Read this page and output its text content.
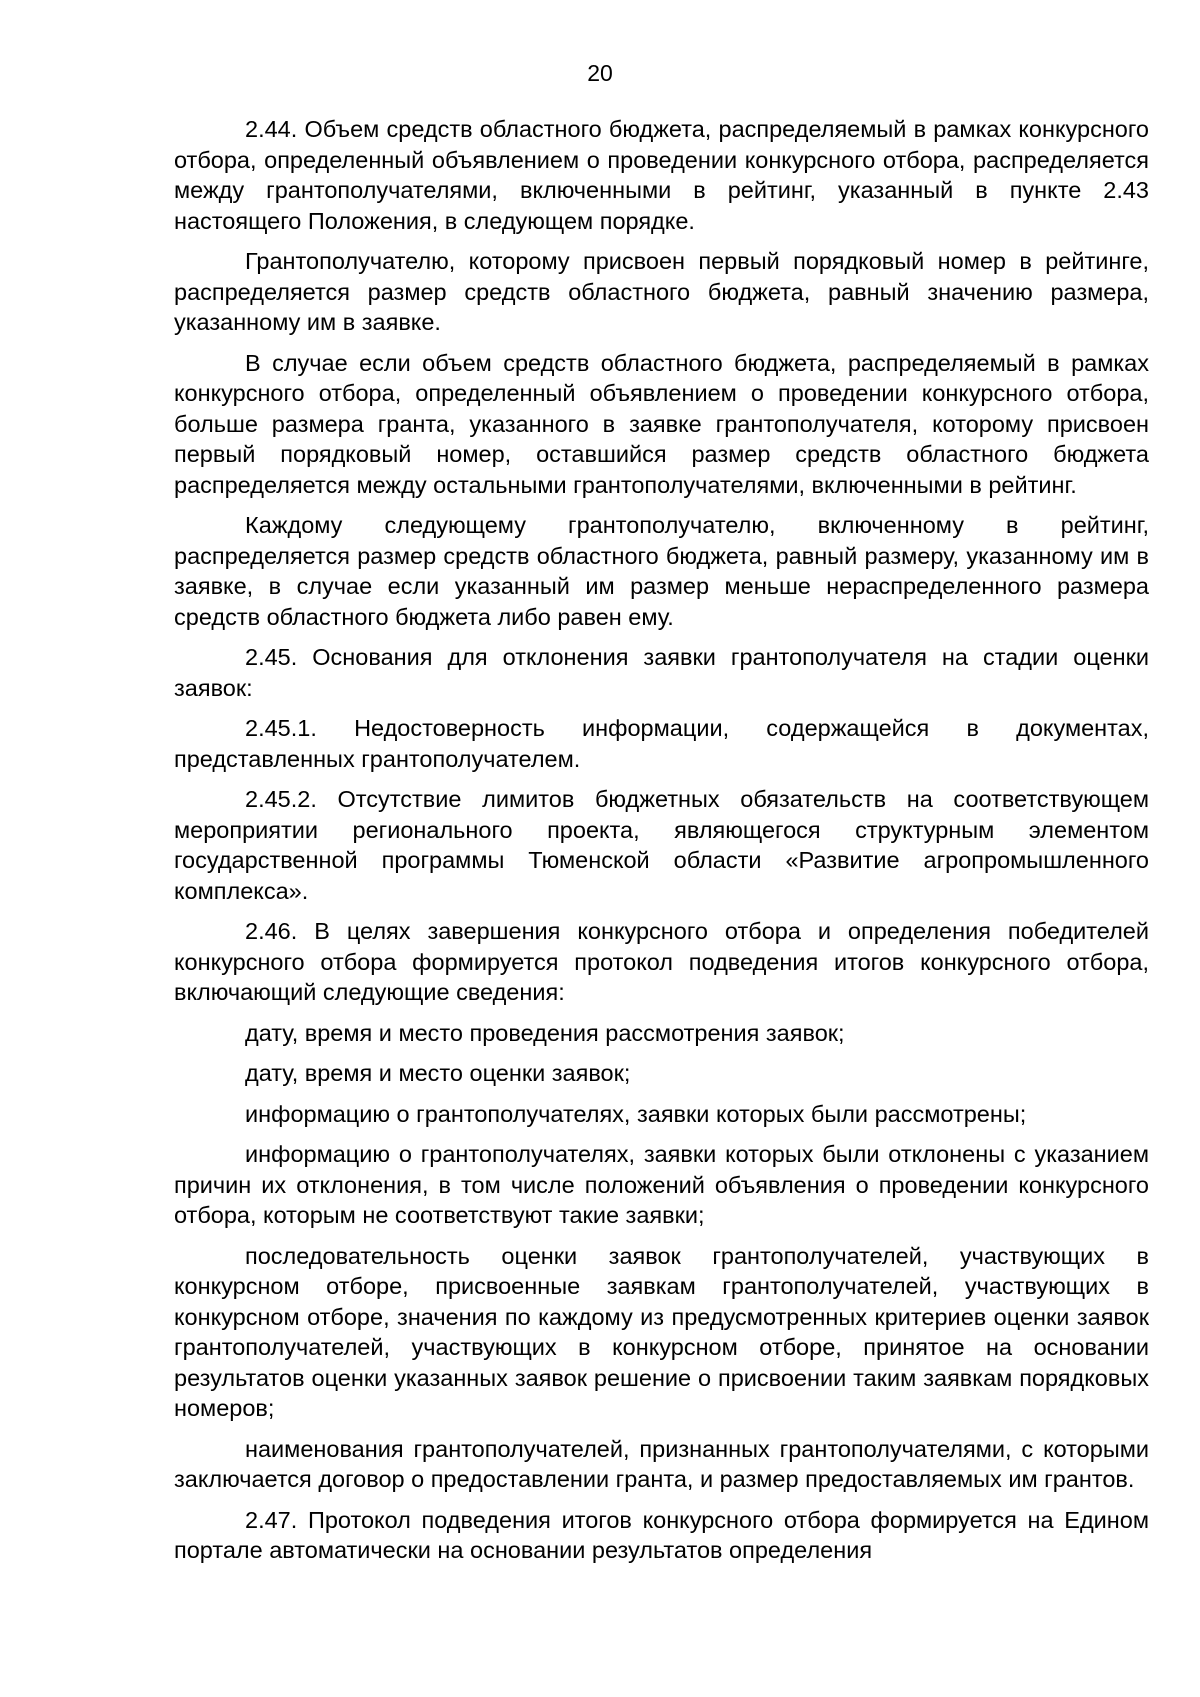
20

2.44. Объем средств областного бюджета, распределяемый в рамках конкурсного отбора, определенный объявлением о проведении конкурсного отбора, распределяется между грантополучателями, включенными в рейтинг, указанный в пункте 2.43 настоящего Положения, в следующем порядке.

Грантополучателю, которому присвоен первый порядковый номер в рейтинге, распределяется размер средств областного бюджета, равный значению размера, указанному им в заявке.

В случае если объем средств областного бюджета, распределяемый в рамках конкурсного отбора, определенный объявлением о проведении конкурсного отбора, больше размера гранта, указанного в заявке грантополучателя, которому присвоен первый порядковый номер, оставшийся размер средств областного бюджета распределяется между остальными грантополучателями, включенными в рейтинг.

Каждому следующему грантополучателю, включенному в рейтинг, распределяется размер средств областного бюджета, равный размеру, указанному им в заявке, в случае если указанный им размер меньше нераспределенного размера средств областного бюджета либо равен ему.

2.45. Основания для отклонения заявки грантополучателя на стадии оценки заявок:

2.45.1. Недостоверность информации, содержащейся в документах, представленных грантополучателем.

2.45.2. Отсутствие лимитов бюджетных обязательств на соответствующем мероприятии регионального проекта, являющегося структурным элементом государственной программы Тюменской области «Развитие агропромышленного комплекса».

2.46. В целях завершения конкурсного отбора и определения победителей конкурсного отбора формируется протокол подведения итогов конкурсного отбора, включающий следующие сведения:

дату, время и место проведения рассмотрения заявок;

дату, время и место оценки заявок;

информацию о грантополучателях, заявки которых были рассмотрены;

информацию о грантополучателях, заявки которых были отклонены с указанием причин их отклонения, в том числе положений объявления о проведении конкурсного отбора, которым не соответствуют такие заявки;

последовательность оценки заявок грантополучателей, участвующих в конкурсном отборе, присвоенные заявкам грантополучателей, участвующих в конкурсном отборе, значения по каждому из предусмотренных критериев оценки заявок грантополучателей, участвующих в конкурсном отборе, принятое на основании результатов оценки указанных заявок решение о присвоении таким заявкам порядковых номеров;

наименования грантополучателей, признанных грантополучателями, с которыми заключается договор о предоставлении гранта, и размер предоставляемых им грантов.

2.47. Протокол подведения итогов конкурсного отбора формируется на Едином портале автоматически на основании результатов определения
